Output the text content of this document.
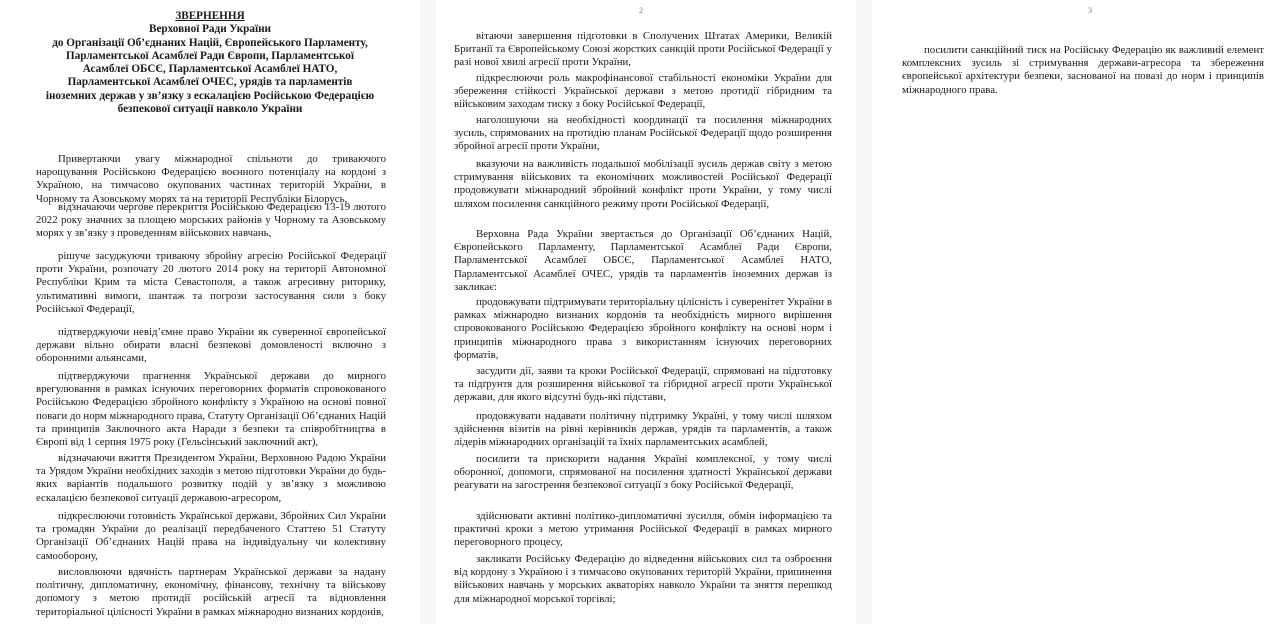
ЗВЕРНЕННЯ
Верховної Ради України
до Організації Об’єднаних Націй, Європейського Парламенту,
Парламентської Асамблеї Ради Європи, Парламентської
Асамблеї ОБСЄ, Парламентської Асамблеї НАТО,
Парламентської Асамблеї ОЧЕС, урядів та парламентів
іноземних держав у зв’язку з ескалацією Російською Федерацією
безпекової ситуації навколо України

Привертаючи увагу міжнародної спільноти до триваючого нарощування Російською Федерацією воєнного потенціалу на кордоні з Україною, на тимчасово окупованих частинах територій України, в Чорному та Азовському морях та на території Республіки Білорусь,

відзначаючи чергове перекриття Російською Федерацією 13-19 лютого 2022 року значних за площею морських районів у Чорному та Азовському морях у зв’язку з проведенням військових навчань,

рішуче засуджуючи триваючу збройну агресію Російської Федерації проти України, розпочату 20 лютого 2014 року на території Автономної Республіки Крим та міста Севастополя, а також агресивну риторику, ультимативні вимоги, шантаж та погрози застосування сили з боку Російської Федерації,

підтверджуючи невід’ємне право України як суверенної європейської держави вільно обирати власні безпекові домовленості включно з оборонними альянсами,

підтверджуючи прагнення Української держави до мирного врегулювання в рамках існуючих переговорних форматів спровокованого Російською Федерацією збройного конфлікту з Україною на основі повної поваги до норм міжнародного права, Статуту Організації Об’єднаних Націй та принципів Заключного акта Наради з безпеки та співробітництва в Європі від 1 серпня 1975 року (Гельсінський заключний акт),

відзначаючи вжиття Президентом України, Верховною Радою України та Урядом України необхідних заходів з метою підготовки України до будь-яких варіантів подальшого розвитку подій у зв’язку з можливою ескалацією безпекової ситуації державою-агресором,

підкреслюючи готовність Української держави, Збройних Сил України та громадян України до реалізації передбаченого Статтею 51 Статуту Організації Об’єднаних Націй права на індивідуальну чи колективну самооборону,

висловлюючи вдячність партнерам Української держави за надану політичну, дипломатичну, економічну, фінансову, технічну та військову допомогу з метою протидії російській агресії та відновлення територіальної цілісності України в рамках міжнародно визнаних кордонів,

2

вітаючи завершення підготовки в Сполучених Штатах Америки, Великій Британії та Європейському Союзі жорстких санкцій проти Російської Федерації у разі нової хвилі агресії проти України,

підкреслюючи роль макрофінансової стабільності економіки України для збереження стійкості Української держави з метою протидії гібридним та військовим заходам тиску з боку Російської Федерації,

наголошуючи на необхідності координації та посилення міжнародних зусиль, спрямованих на протидію планам Російської Федерації щодо розширення збройної агресії проти України,

вказуючи на важливість подальшої мобілізації зусиль держав світу з метою стримування військових та економічних можливостей Російської Федерації продовжувати міжнародний збройний конфлікт проти України, у тому числі шляхом посилення санкційного режиму проти Російської Федерації,

Верховна Рада України звертається до Організації Об’єднаних Націй, Європейського Парламенту, Парламентської Асамблеї Ради Європи, Парламентської Асамблеї ОБСЄ, Парламентської Асамблеї НАТО, Парламентської Асамблеї ОЧЕС, урядів та парламентів іноземних держав із закликає:

продовжувати підтримувати територіальну цілісність і суверенітет України в рамках міжнародно визнаних кордонів та необхідність мирного вирішення спровокованого Російською Федерацією збройного конфлікту на основі норм і принципів міжнародного права з використанням існуючих переговорних форматів,

засудити дії, заяви та кроки Російської Федерації, спрямовані на підготовку та підґрунтя для розширення військової та гібридної агресії проти Української держави, для якого відсутні будь-які підстави,

продовжувати надавати політичну підтримку Україні, у тому числі шляхом здійснення візитів на рівні керівників держав, урядів та парламентів, а також лідерів міжнародних організацій та їхніх парламентських асамблей,

посилити та прискорити надання Україні комплексної, у тому числі оборонної, допомоги, спрямованої на посилення здатності Української держави реагувати на загострення безпекової ситуації з боку Російської Федерації,

здійснювати активні політико-дипломатичні зусилля, обмін інформацією та практичні кроки з метою утримання Російської Федерації в рамках мирного переговорного процесу,

закликати Російську Федерацію до відведення військових сил та озброєння від кордону з Україною і з тимчасово окупованих територій України, припинення військових навчань у морських акваторіях навколо України та зняття перешкод для міжнародної морської торгівлі;

3

посилити санкційний тиск на Російську Федерацію як важливий елемент комплексних зусиль зі стримування держави-агресора та збереження європейської архітектури безпеки, заснованої на повазі до норм і принципів міжнародного права.
